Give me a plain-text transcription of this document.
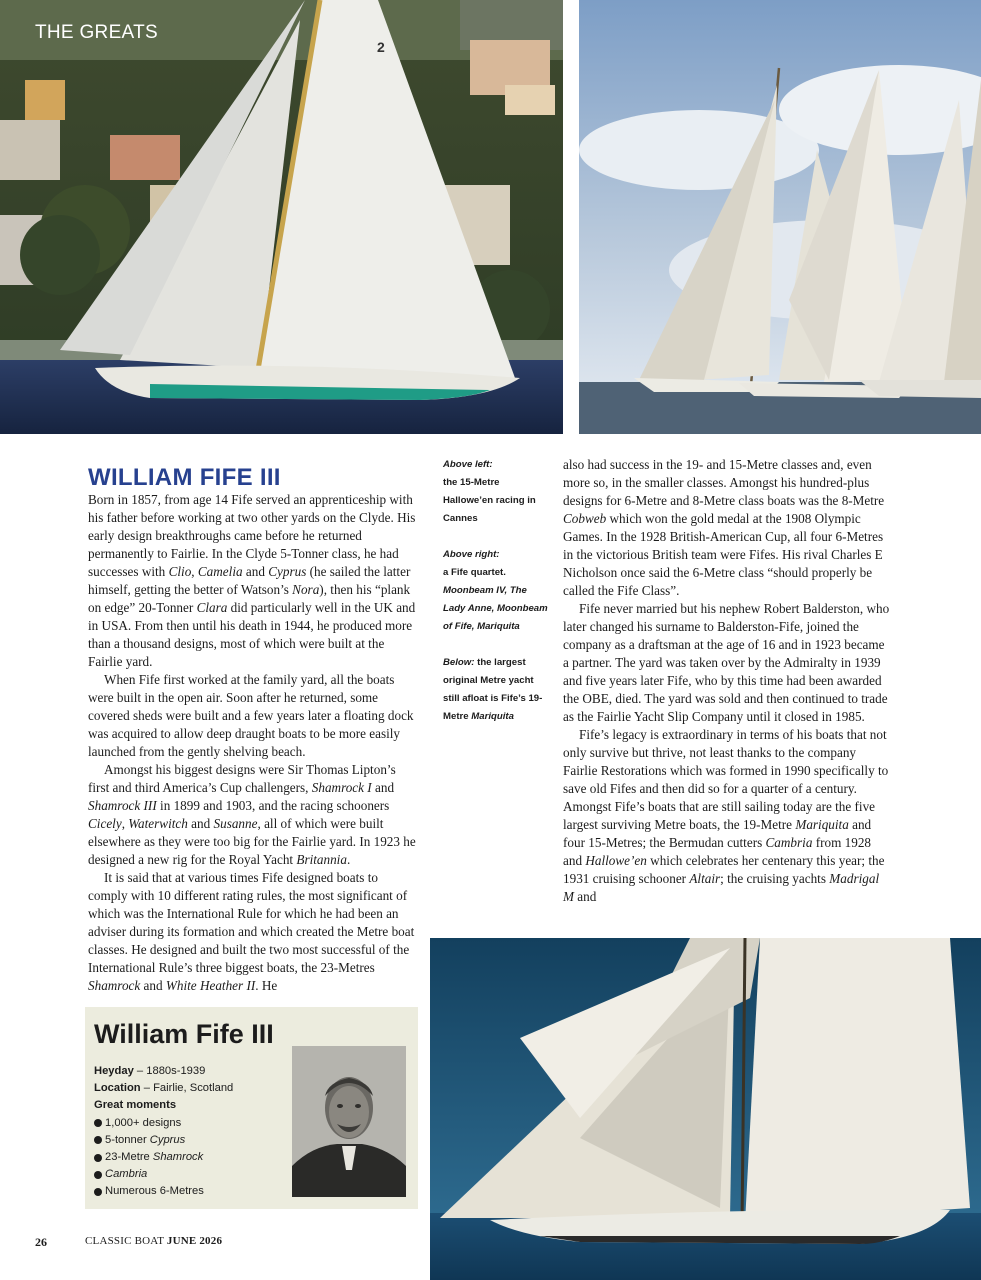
2
THE GREATS
WILLIAM FIFE III

Born in 1857, from age 14 Fife served an apprenticeship with his father before working at two other yards on the Clyde. His early design breakthroughs came before he returned permanently to Fairlie. In the Clyde 5-Tonner class, he had successes with Clio, Camelia and Cyprus (he sailed the latter himself, getting the better of Watson’s Nora), then his “plank on edge” 20-Tonner Clara did particularly well in the UK and in USA. From then until his death in 1944, he produced more than a thousand designs, most of which were built at the Fairlie yard.

When Fife first worked at the family yard, all the boats were built in the open air. Soon after he returned, some covered sheds were built and a few years later a floating dock was acquired to allow deep draught boats to be more easily launched from the gently shelving beach.

Amongst his biggest designs were Sir Thomas Lipton’s first and third America’s Cup challengers, Shamrock I and Shamrock III in 1899 and 1903, and the racing schooners Cicely, Waterwitch and Susanne, all of which were built elsewhere as they were too big for the Fairlie yard. In 1923 he designed a new rig for the Royal Yacht Britannia.

It is said that at various times Fife designed boats to comply with 10 different rating rules, the most significant of which was the International Rule for which he had been an adviser during its formation and which created the Metre boat classes. He designed and built the two most successful of the International Rule’s three biggest boats, the 23-Metres Shamrock and White Heather II. He

Above left:
the 15-Metre Hallowe’en racing in Cannes

Above right:
a Fife quartet.
Moonbeam IV, The Lady Anne, Moonbeam of Fife, Mariquita

Below: the largest original Metre yacht still afloat is Fife’s 19-Metre Mariquita

also had success in the 19- and 15-Metre classes and, even more so, in the smaller classes. Amongst his hundred-plus designs for 6-Metre and 8-Metre class boats was the 8-Metre Cobweb which won the gold medal at the 1908 Olympic Games. In the 1928 British-American Cup, all four 6-Metres in the victorious British team were Fifes. His rival Charles E Nicholson once said the 6-Metre class “should properly be called the Fife Class”.

Fife never married but his nephew Robert Balderston, who later changed his surname to Balderston-Fife, joined the company as a draftsman at the age of 16 and in 1923 became a partner. The yard was taken over by the Admiralty in 1939 and five years later Fife, who by this time had been awarded the OBE, died. The yard was sold and then continued to trade as the Fairlie Yacht Slip Company until it closed in 1985.

Fife’s legacy is extraordinary in terms of his boats that not only survive but thrive, not least thanks to the company Fairlie Restorations which was formed in 1990 specifically to save old Fifes and then did so for a quarter of a century. Amongst Fife’s boats that are still sailing today are the five largest surviving Metre boats, the 19-Metre Mariquita and four 15-Metres; the Bermudan cutters Cambria from 1928 and Hallowe’en which celebrates her centenary this year; the 1931 cruising schooner Altair; the cruising yachts Madrigal M and

William Fife III
Heyday – 1880s-1939
Location – Fairlie, Scotland
Great moments
1,000+ designs
5-tonner Cyprus
23-Metre Shamrock
Cambria
Numerous 6-Metres
26	CLASSIC BOAT JUNE 2026
